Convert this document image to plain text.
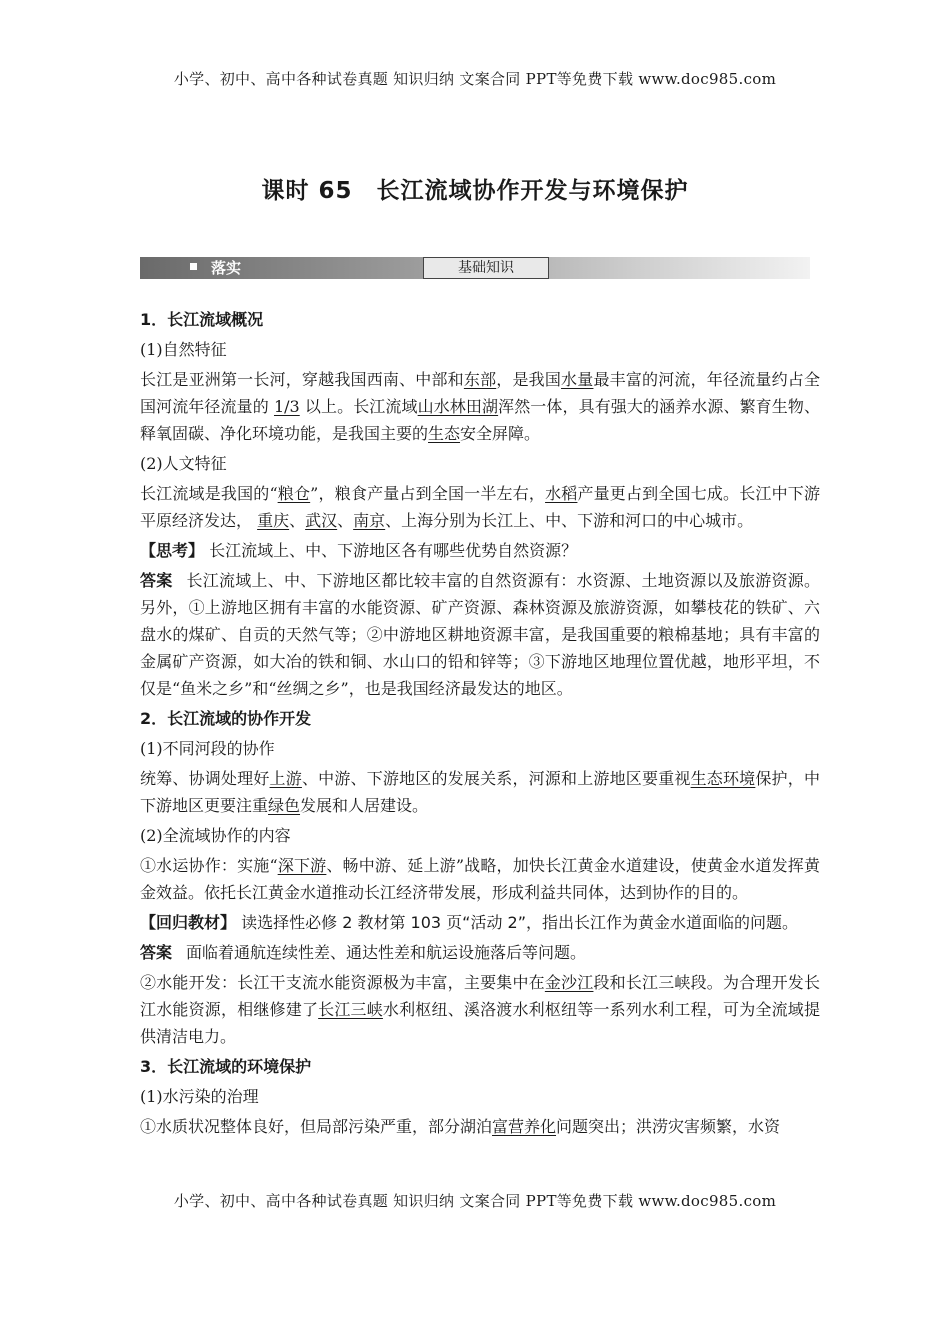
小学、初中、高中各种试卷真题 知识归纳 文案合同 PPT等免费下载 www.doc985.com
课时 65　长江流域协作开发与环境保护
落实	基础知识

1．长江流域概况

(1)自然特征

长江是亚洲第一长河，穿越我国西南、中部和东部，是我国水量最丰富的河流，年径流量约占全国河流年径流量的 1/3 以上。长江流域山水林田湖浑然一体，具有强大的涵养水源、繁育生物、释氧固碳、净化环境功能，是我国主要的生态安全屏障。

(2)人文特征

长江流域是我国的“粮仓”，粮食产量占到全国一半左右，水稻产量更占到全国七成。长江中下游平原经济发达， 重庆、武汉、南京、上海分别为长江上、中、下游和河口的中心城市。

【思考】 长江流域上、中、下游地区各有哪些优势自然资源？

答案 长江流域上、中、下游地区都比较丰富的自然资源有：水资源、土地资源以及旅游资源。另外，①上游地区拥有丰富的水能资源、矿产资源、森林资源及旅游资源，如攀枝花的铁矿、六盘水的煤矿、自贡的天然气等；②中游地区耕地资源丰富，是我国重要的粮棉基地；具有丰富的金属矿产资源，如大冶的铁和铜、水山口的铅和锌等；③下游地区地理位置优越，地形平坦，不仅是“鱼米之乡”和“丝绸之乡”，也是我国经济最发达的地区。

2．长江流域的协作开发

(1)不同河段的协作

统筹、协调处理好上游、中游、下游地区的发展关系，河源和上游地区要重视生态环境保护，中下游地区更要注重绿色发展和人居建设。

(2)全流域协作的内容

①水运协作：实施“深下游、畅中游、延上游”战略，加快长江黄金水道建设，使黄金水道发挥黄金效益。依托长江黄金水道推动长江经济带发展，形成利益共同体，达到协作的目的。

【回归教材】 读选择性必修 2 教材第 103 页“活动 2”，指出长江作为黄金水道面临的问题。

答案 面临着通航连续性差、通达性差和航运设施落后等问题。

②水能开发：长江干支流水能资源极为丰富，主要集中在金沙江段和长江三峡段。为合理开发长江水能资源，相继修建了长江三峡水利枢纽、溪洛渡水利枢纽等一系列水利工程，可为全流域提供清洁电力。

3．长江流域的环境保护

(1)水污染的治理

①水质状况整体良好，但局部污染严重，部分湖泊富营养化问题突出；洪涝灾害频繁，水资

小学、初中、高中各种试卷真题 知识归纳 文案合同 PPT等免费下载 www.doc985.com
